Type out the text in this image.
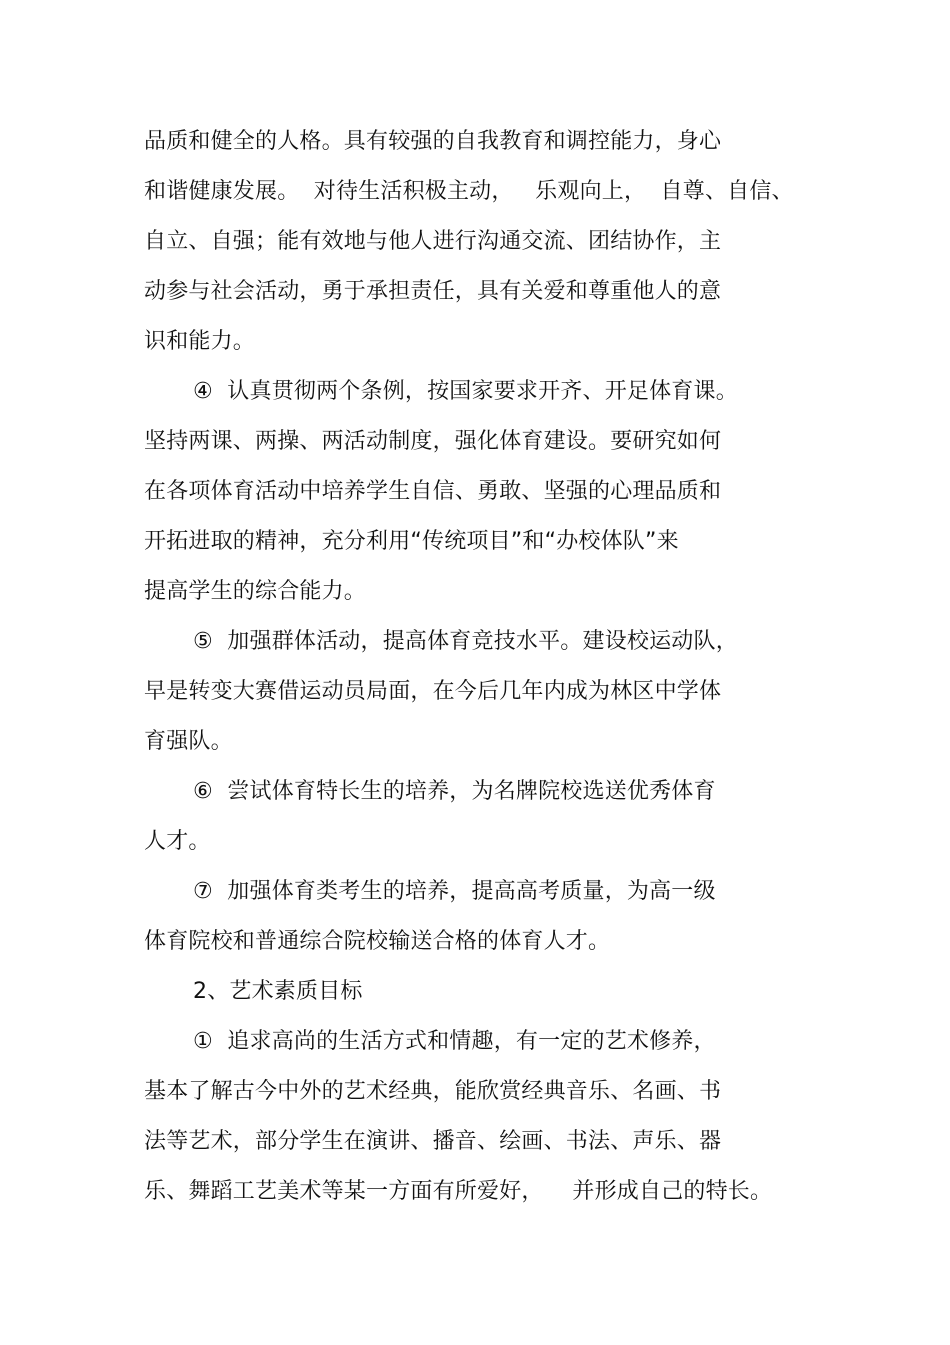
品质和健全的人格。具有较强的自我教育和调控能力，身心
和谐健康发展。  对待生活积极主动，   乐观向上，  自尊、自信、
自立、自强；能有效地与他人进行沟通交流、团结协作，主
动参与社会活动，勇于承担责任，具有关爱和尊重他人的意
识和能力。
④  认真贯彻两个条例，按国家要求开齐、开足体育课。
坚持两课、两操、两活动制度，强化体育建设。要研究如何
在各项体育活动中培养学生自信、勇敢、坚强的心理品质和
开拓进取的精神，充分利用“传统项目”和“办校体队”来
提高学生的综合能力。
⑤  加强群体活动，提高体育竞技水平。建设校运动队，
早是转变大赛借运动员局面，在今后几年内成为林区中学体
育强队。
⑥  尝试体育特长生的培养，为名牌院校选送优秀体育
人才。
⑦  加强体育类考生的培养，提高高考质量，为高一级
体育院校和普通综合院校输送合格的体育人才。
2、艺术素质目标
①  追求高尚的生活方式和情趣，有一定的艺术修养，
基本了解古今中外的艺术经典，能欣赏经典音乐、名画、书
法等艺术，部分学生在演讲、播音、绘画、书法、声乐、器
乐、舞蹈工艺美术等某一方面有所爱好，    并形成自己的特长。
